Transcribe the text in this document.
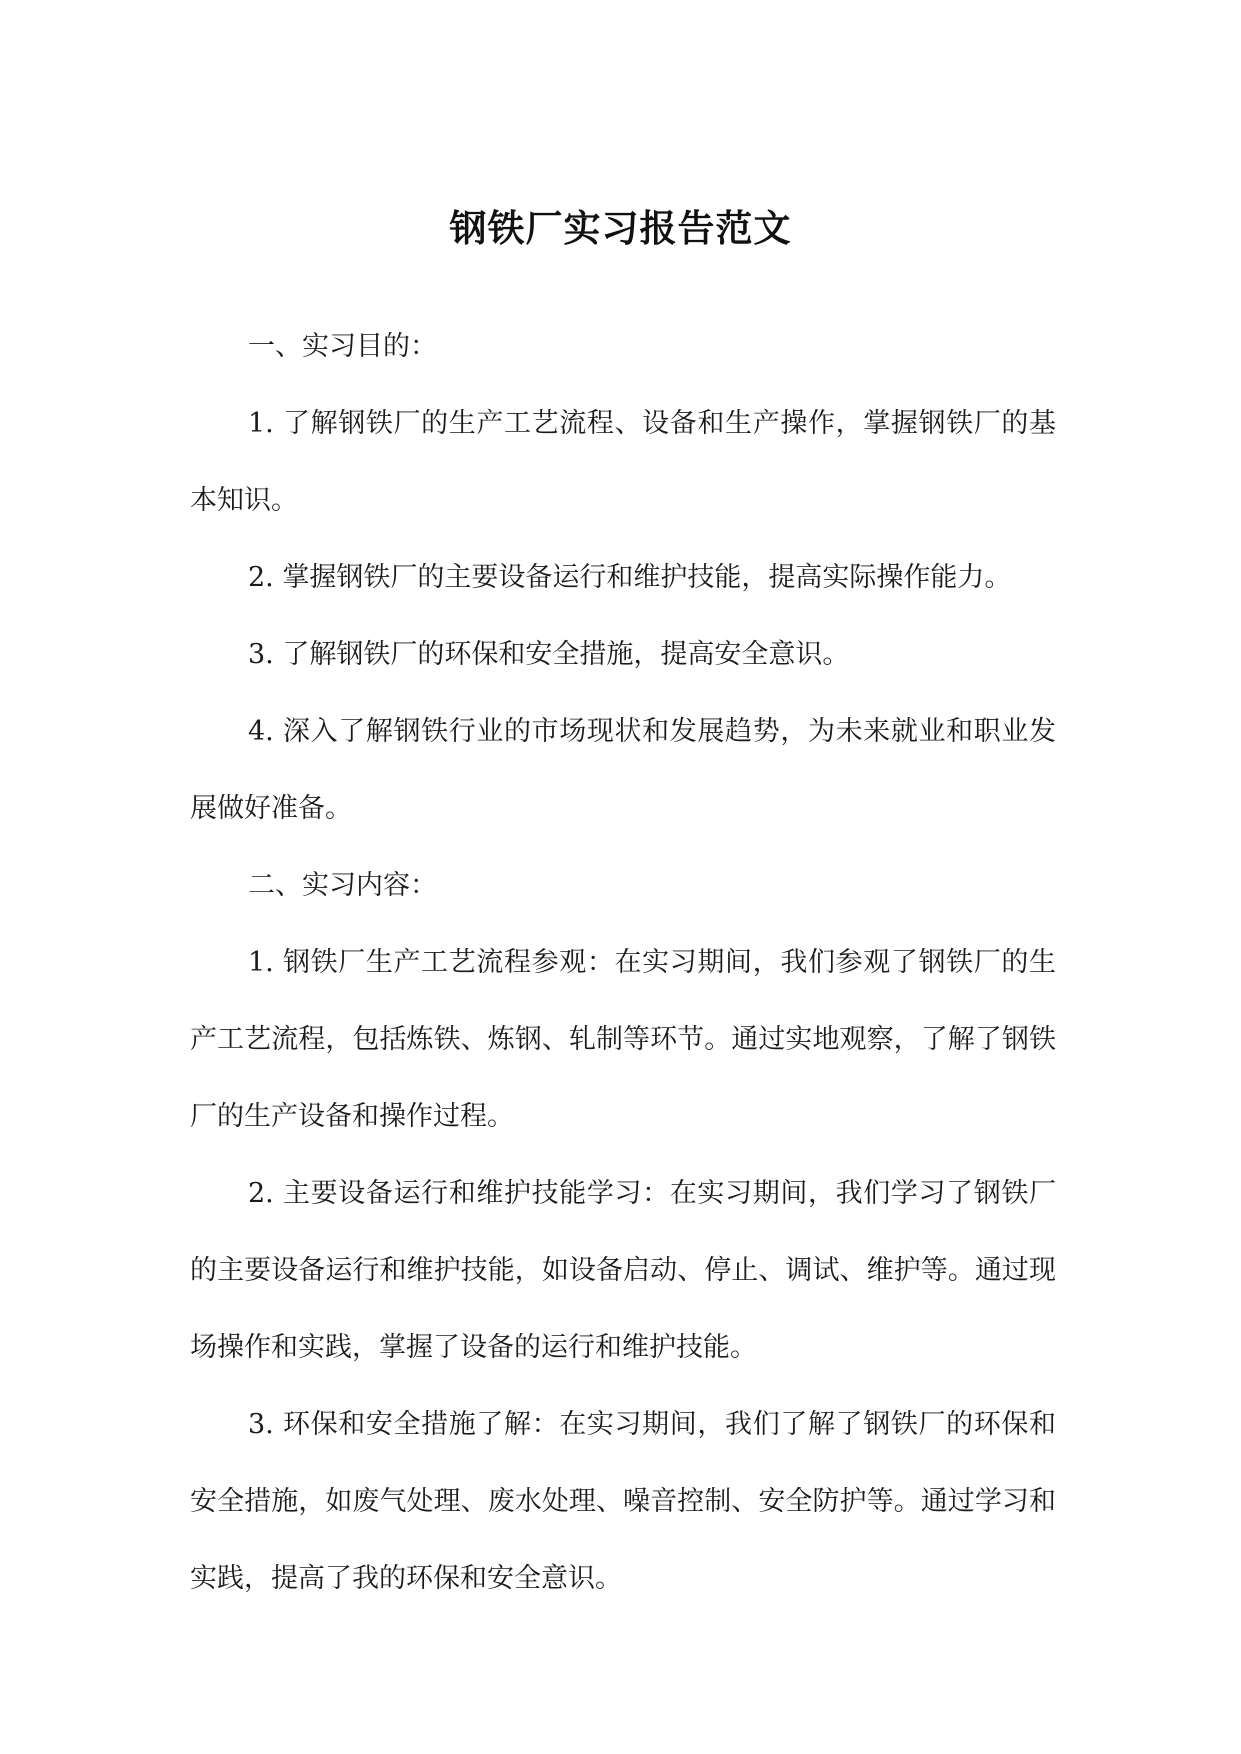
钢铁厂实习报告范文

一、实习目的：

1. 了解钢铁厂的生产工艺流程、设备和生产操作，掌握钢铁厂的基本知识。

2. 掌握钢铁厂的主要设备运行和维护技能，提高实际操作能力。

3. 了解钢铁厂的环保和安全措施，提高安全意识。

4. 深入了解钢铁行业的市场现状和发展趋势，为未来就业和职业发展做好准备。

二、实习内容：

1. 钢铁厂生产工艺流程参观：在实习期间，我们参观了钢铁厂的生产工艺流程，包括炼铁、炼钢、轧制等环节。通过实地观察，了解了钢铁厂的生产设备和操作过程。

2. 主要设备运行和维护技能学习：在实习期间，我们学习了钢铁厂的主要设备运行和维护技能，如设备启动、停止、调试、维护等。通过现场操作和实践，掌握了设备的运行和维护技能。

3. 环保和安全措施了解：在实习期间，我们了解了钢铁厂的环保和安全措施，如废气处理、废水处理、噪音控制、安全防护等。通过学习和实践，提高了我的环保和安全意识。
